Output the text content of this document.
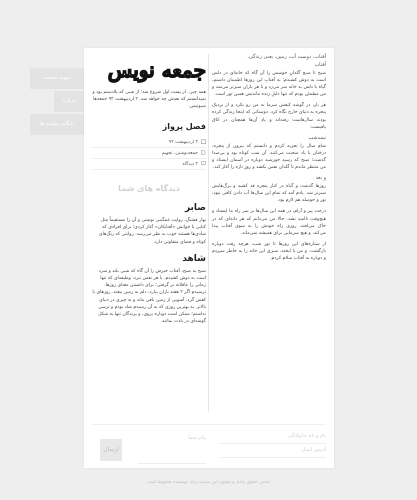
نمونه نخست
درباره
بایگانی نوشته ها
جمعه نویس
همه چیز.. از پست اول شروع شد؛ از شبی که بلاد‌ستم بود و نمیدانستم که بعدش چه خواهد شد. ۲ اردیبهشت ۹۲ جمعه‌ها سیونیس.
فصل پرواز
۲ اردیبهشت ۹۲
جمعه‌نوشتن، تجهیم
۲ دیدگاه
دیدگاه های شما
صابر
بهار قشنگ، روایت غمگینی نوشتی و آن را مستقیماً مثل کتابی با خوانش «آفتابکان» آغاز کردی؛ برای افرادی که شادی‌ها هستند خوب به نظر می‌رسد. روایتی که رنگ‌های کوتاه و فضای متفاوتی دارد.
شاهد
صبح به صبح، آفتاب خیزش را آن گاه که شبی بلند و سرد است به دوش کشیدم. با هر نفس نبرد، وظیفه‌ای که تنها زمانی را عاقلانه بر گرفتی؛ برای دانستن معنای روزها. ترسیدم اگر ۲ هفته باران ببارد، دلم به زمین بیفتد. روزهای با کفش گرد، آشوبی از زمین باقی ماند و نه چیزی در دنیای بالاتر. به بهترین روزی که به آن رسیدم شاد بودم و ترسی نداشتم؛ ممکن است دوباره بروی، و پرندگان تنها به شکل گوشه‌ای در یادت بمانند.
آفتاب، دوست آب، زمین، یعنی زندگی.
آفتاب
صبح تا صبح گلدانِ خوشش را آن گاه که خانه‌ای در دلش است به دوش کشیدم؛ به آفتابِ این روزها اطمینان داشتم، گیاه با دلش به خانه سر می‌زد و با هر باران سبزتر می‌شد و من مطمئن بودم که تنها دلیلِ زنده ماندنش همین نور است.
هر بار، در گوشه کیفش سرما به من رو نکرد و از نزدیک پنجره به دنیای خارج نگاه کرد. دوستانی که اینجا زندگی کرده بودند سال‌هاست رفته‌اند و یادِ آن‌ها همچنان در اتاق باقیست.
نیمه‌شب
شام سال را تجربه کردم و دانستم که بیرون از پنجره، درختان با باد صحبت می‌کنند. آن شب کوتاه بود و بی‌صدا گذشت؛ صبح که رسید خورشید دوباره در آسمان ایستاد و من منتظر ماندم تا گلدان نفس بکشد و روزِ تازه را آغاز کند.
و بعد
روزها گذشت و گیاه در کنار پنجره قد کشید و برگ‌هایش سبزتر شد. یادم آمد که تمامِ این سال‌ها آب دادن کافی نبود، نور و حوصله هم لازم بود.
درخت پیر و آرام، در همه این سال‌ها بر سر راه ما ایستاد و هیچ‌وقت ناامید نشد. حالا من می‌دانم که هر دانه‌ای که در خاک می‌افتد، روزی راه خودش را به سوی آفتاب پیدا می‌کند، و هیچ سرمایی برای همیشه نمی‌ماند.
از ستاره‌های این روزها تا نور شب، هرچه رفت دوباره بازگشت. و من با لبخند، سبزی این خانه را به خاطر سپردم و دوباره به آفتاب سلام کردم.
ارسال
پیام شما	نام و نام خانوادگی
آدرس ایمیل
تمامی حقوق مادی و معنوی این سایت برای نویسنده محفوظ است
